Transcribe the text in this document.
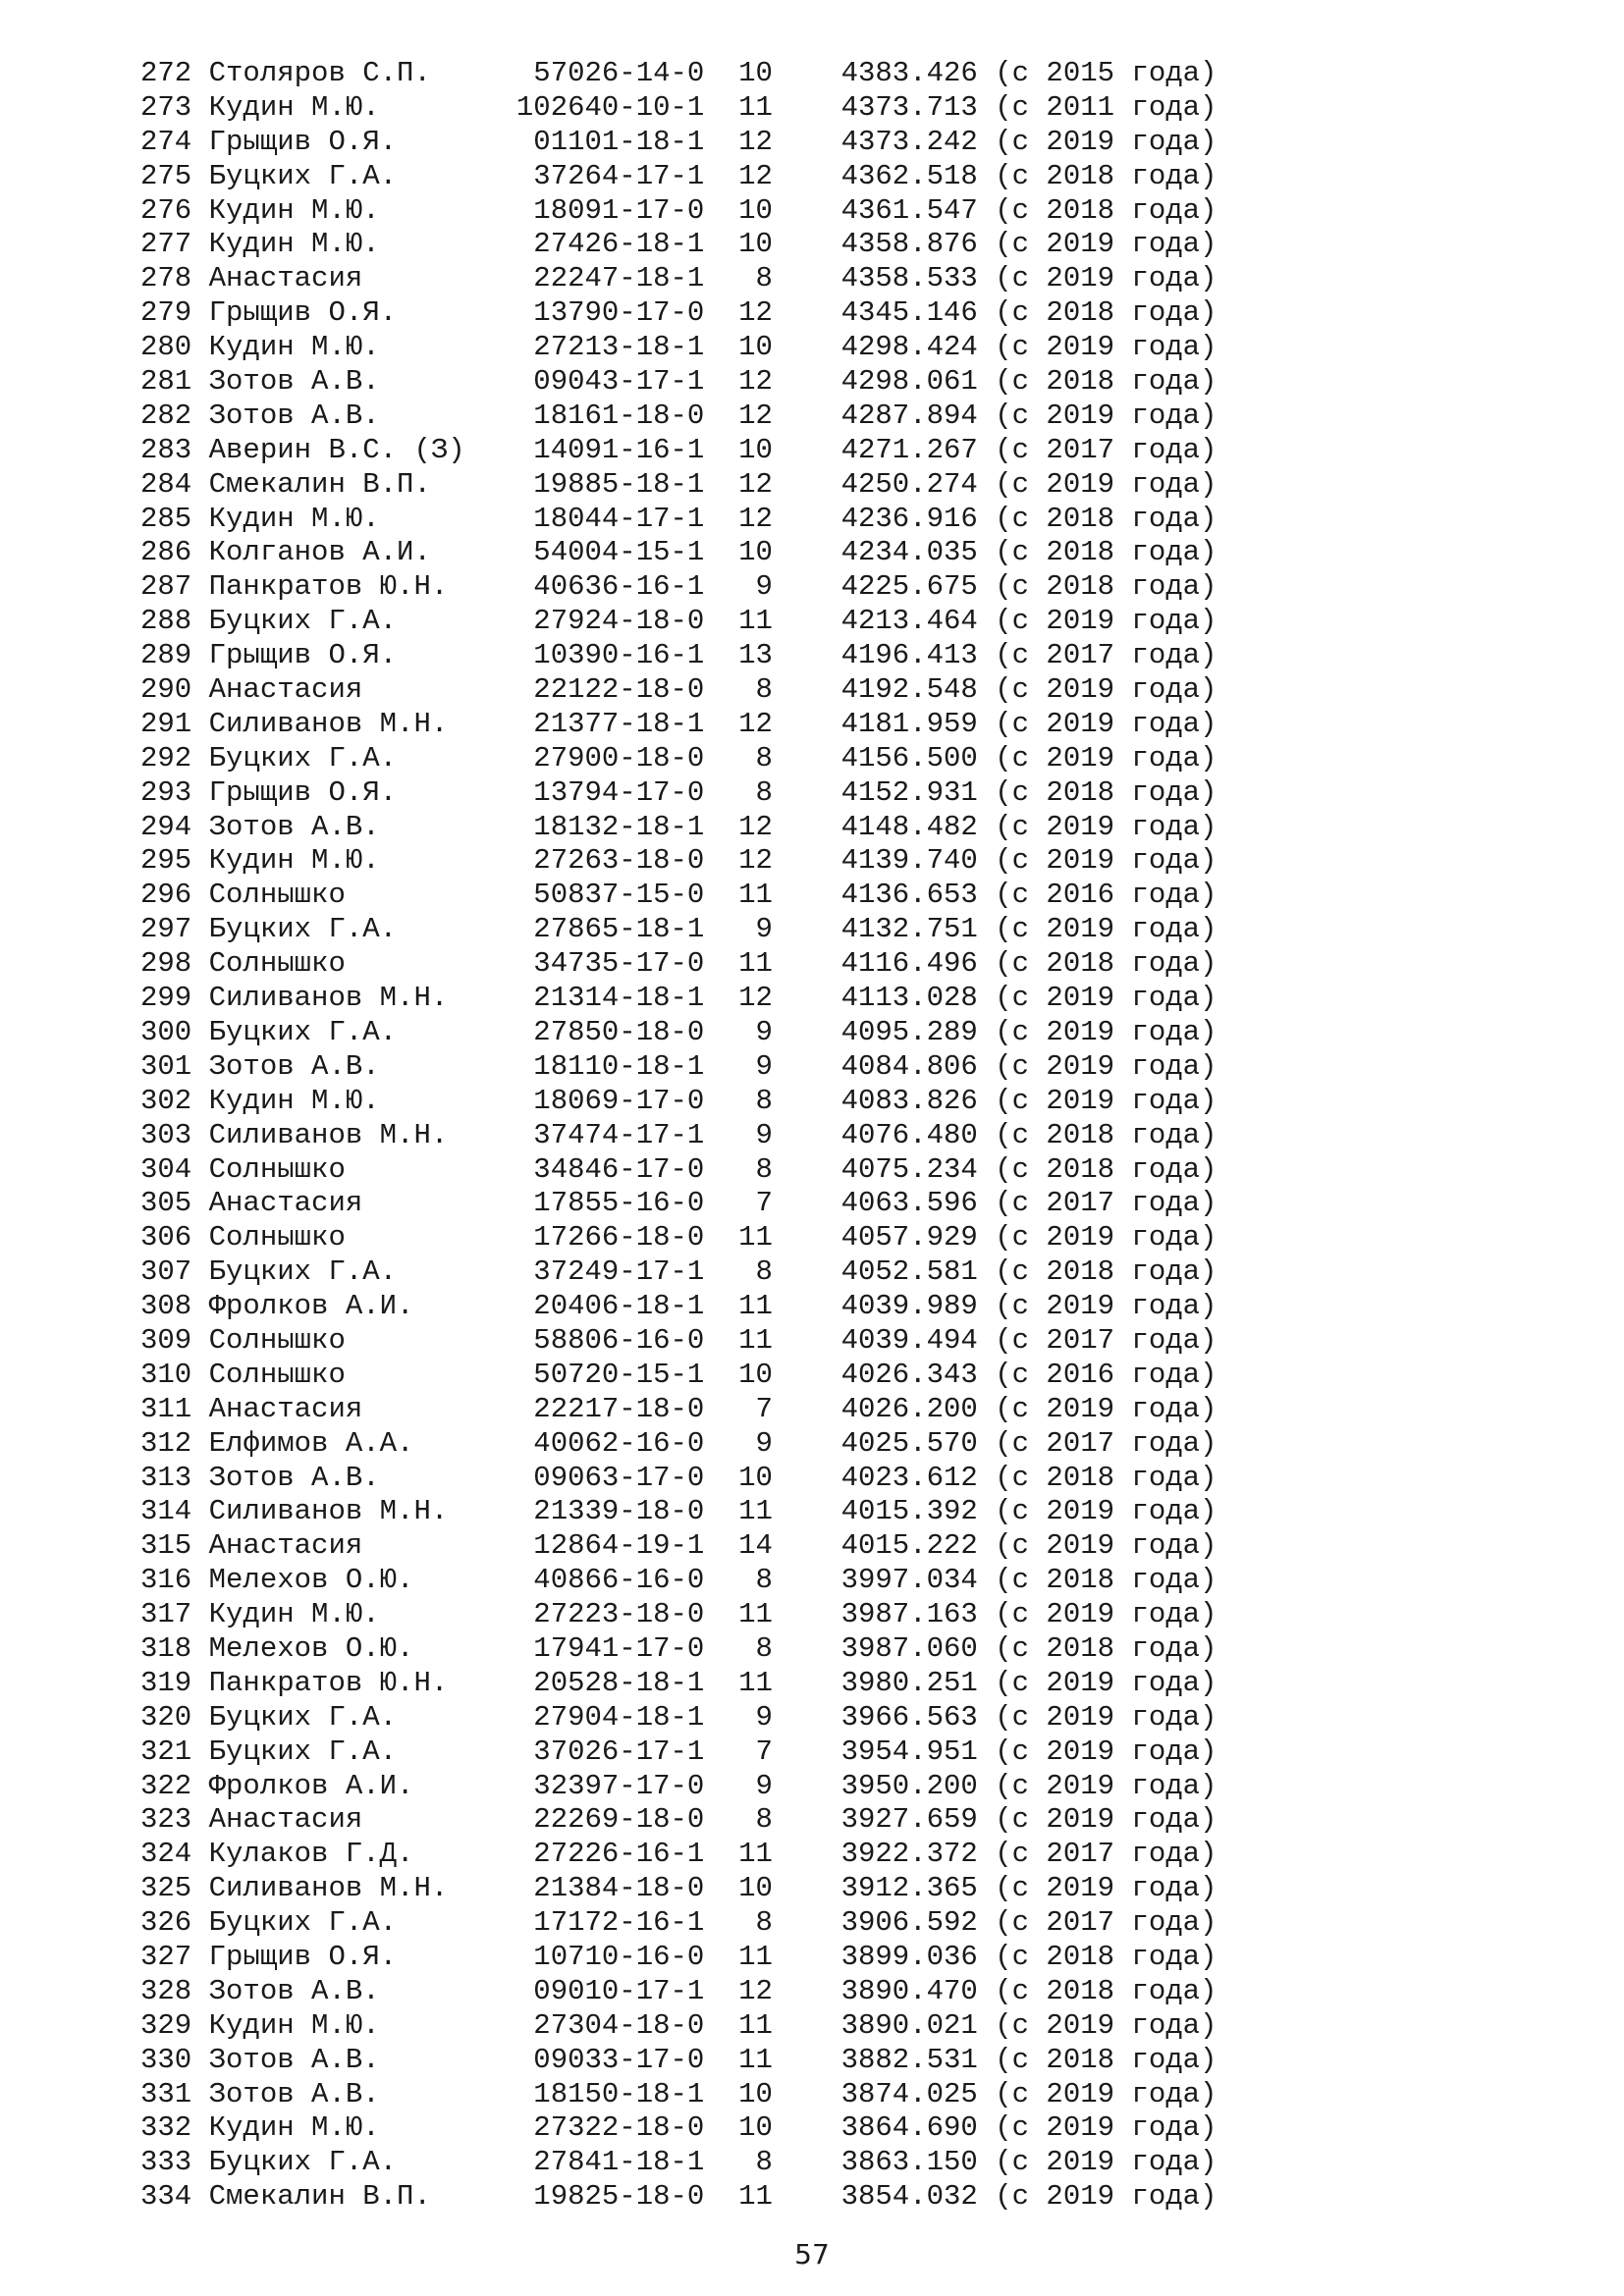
272 Столяров С.П.      57026-14-0  10    4383.426 (с 2015 года)
273 Кудин М.Ю.        102640-10-1  11    4373.713 (с 2011 года)
274 Грыщив О.Я.        01101-18-1  12    4373.242 (с 2019 года)
275 Буцких Г.А.        37264-17-1  12    4362.518 (с 2018 года)
276 Кудин М.Ю.         18091-17-0  10    4361.547 (с 2018 года)
277 Кудин М.Ю.         27426-18-1  10    4358.876 (с 2019 года)
278 Анастасия          22247-18-1   8    4358.533 (с 2019 года)
279 Грыщив О.Я.        13790-17-0  12    4345.146 (с 2018 года)
280 Кудин М.Ю.         27213-18-1  10    4298.424 (с 2019 года)
281 Зотов А.В.         09043-17-1  12    4298.061 (с 2018 года)
282 Зотов А.В.         18161-18-0  12    4287.894 (с 2019 года)
283 Аверин В.С. (З)    14091-16-1  10    4271.267 (с 2017 года)
284 Смекалин В.П.      19885-18-1  12    4250.274 (с 2019 года)
285 Кудин М.Ю.         18044-17-1  12    4236.916 (с 2018 года)
286 Колганов А.И.      54004-15-1  10    4234.035 (с 2018 года)
287 Панкратов Ю.Н.     40636-16-1   9    4225.675 (с 2018 года)
288 Буцких Г.А.        27924-18-0  11    4213.464 (с 2019 года)
289 Грыщив О.Я.        10390-16-1  13    4196.413 (с 2017 года)
290 Анастасия          22122-18-0   8    4192.548 (с 2019 года)
291 Силиванов М.Н.     21377-18-1  12    4181.959 (с 2019 года)
292 Буцких Г.А.        27900-18-0   8    4156.500 (с 2019 года)
293 Грыщив О.Я.        13794-17-0   8    4152.931 (с 2018 года)
294 Зотов А.В.         18132-18-1  12    4148.482 (с 2019 года)
295 Кудин М.Ю.         27263-18-0  12    4139.740 (с 2019 года)
296 Солнышко           50837-15-0  11    4136.653 (с 2016 года)
297 Буцких Г.А.        27865-18-1   9    4132.751 (с 2019 года)
298 Солнышко           34735-17-0  11    4116.496 (с 2018 года)
299 Силиванов М.Н.     21314-18-1  12    4113.028 (с 2019 года)
300 Буцких Г.А.        27850-18-0   9    4095.289 (с 2019 года)
301 Зотов А.В.         18110-18-1   9    4084.806 (с 2019 года)
302 Кудин М.Ю.         18069-17-0   8    4083.826 (с 2019 года)
303 Силиванов М.Н.     37474-17-1   9    4076.480 (с 2018 года)
304 Солнышко           34846-17-0   8    4075.234 (с 2018 года)
305 Анастасия          17855-16-0   7    4063.596 (с 2017 года)
306 Солнышко           17266-18-0  11    4057.929 (с 2019 года)
307 Буцких Г.А.        37249-17-1   8    4052.581 (с 2018 года)
308 Фролков А.И.       20406-18-1  11    4039.989 (с 2019 года)
309 Солнышко           58806-16-0  11    4039.494 (с 2017 года)
310 Солнышко           50720-15-1  10    4026.343 (с 2016 года)
311 Анастасия          22217-18-0   7    4026.200 (с 2019 года)
312 Елфимов А.А.       40062-16-0   9    4025.570 (с 2017 года)
313 Зотов А.В.         09063-17-0  10    4023.612 (с 2018 года)
314 Силиванов М.Н.     21339-18-0  11    4015.392 (с 2019 года)
315 Анастасия          12864-19-1  14    4015.222 (с 2019 года)
316 Мелехов О.Ю.       40866-16-0   8    3997.034 (с 2018 года)
317 Кудин М.Ю.         27223-18-0  11    3987.163 (с 2019 года)
318 Мелехов О.Ю.       17941-17-0   8    3987.060 (с 2018 года)
319 Панкратов Ю.Н.     20528-18-1  11    3980.251 (с 2019 года)
320 Буцких Г.А.        27904-18-1   9    3966.563 (с 2019 года)
321 Буцких Г.А.        37026-17-1   7    3954.951 (с 2019 года)
322 Фролков А.И.       32397-17-0   9    3950.200 (с 2019 года)
323 Анастасия          22269-18-0   8    3927.659 (с 2019 года)
324 Кулаков Г.Д.       27226-16-1  11    3922.372 (с 2017 года)
325 Силиванов М.Н.     21384-18-0  10    3912.365 (с 2019 года)
326 Буцких Г.А.        17172-16-1   8    3906.592 (с 2017 года)
327 Грыщив О.Я.        10710-16-0  11    3899.036 (с 2018 года)
328 Зотов А.В.         09010-17-1  12    3890.470 (с 2018 года)
329 Кудин М.Ю.         27304-18-0  11    3890.021 (с 2019 года)
330 Зотов А.В.         09033-17-0  11    3882.531 (с 2018 года)
331 Зотов А.В.         18150-18-1  10    3874.025 (с 2019 года)
332 Кудин М.Ю.         27322-18-0  10    3864.690 (с 2019 года)
333 Буцких Г.А.        27841-18-1   8    3863.150 (с 2019 года)
334 Смекалин В.П.      19825-18-0  11    3854.032 (с 2019 года)
57
